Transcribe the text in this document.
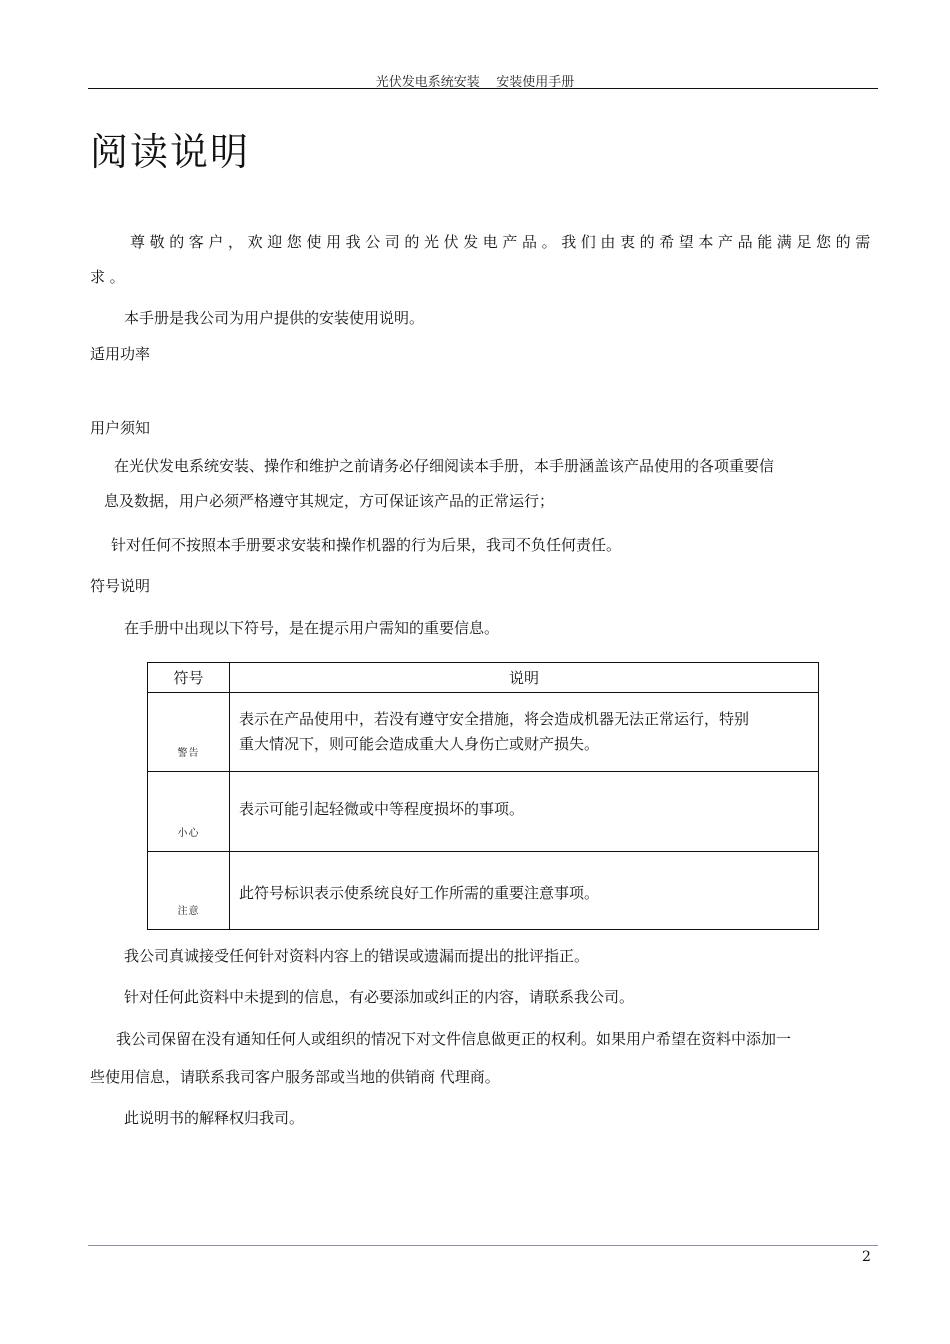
光伏发电系统安装    安装使用手册
阅读说明

尊敬的客户，欢迎您使用我公司的光伏发电产品。我们由衷的希望本产品能满足您的需

求。

本手册是我公司为用户提供的安装使用说明。

适用功率

用户须知

在光伏发电系统安装、操作和维护之前请务必仔细阅读本手册，本手册涵盖该产品使用的各项重要信

息及数据，用户必须严格遵守其规定，方可保证该产品的正常运行；

针对任何不按照本手册要求安装和操作机器的行为后果，我司不负任何责任。

符号说明

在手册中出现以下符号，是在提示用户需知的重要信息。

符号	说明

警告	表示在产品使用中，若没有遵守安全措施，将会造成机器无法正常运行，特别
重大情况下，则可能会造成重大人身伤亡或财产损失。

小心	表示可能引起轻微或中等程度损坏的事项。

注意	此符号标识表示使系统良好工作所需的重要注意事项。

我公司真诚接受任何针对资料内容上的错误或遗漏而提出的批评指正。

针对任何此资料中未提到的信息，有必要添加或纠正的内容，请联系我公司。

我公司保留在没有通知任何人或组织的情况下对文件信息做更正的权利。如果用户希望在资料中添加一

些使用信息，请联系我司客户服务部或当地的供销商 代理商。

此说明书的解释权归我司。

2
